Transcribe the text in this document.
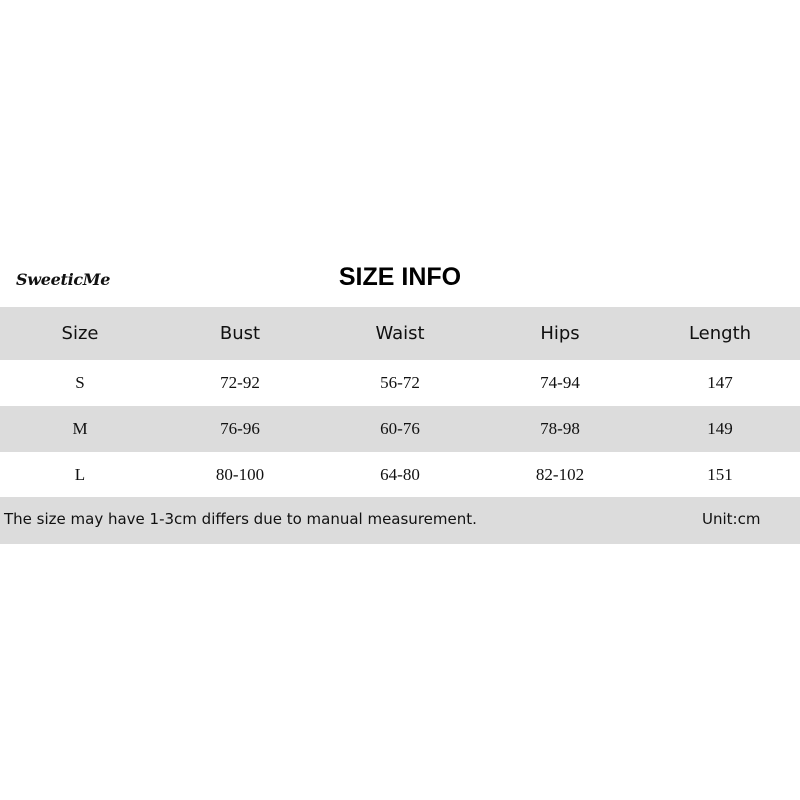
SweeticMe	SIZE INFO
Size	Bust	Waist	Hips	Length
S	72-92	56-72	74-94	147
M	76-96	60-76	78-98	149
L	80-100	64-80	82-102	151
The size may have 1-3cm differs due to manual measurement.	Unit:cm
